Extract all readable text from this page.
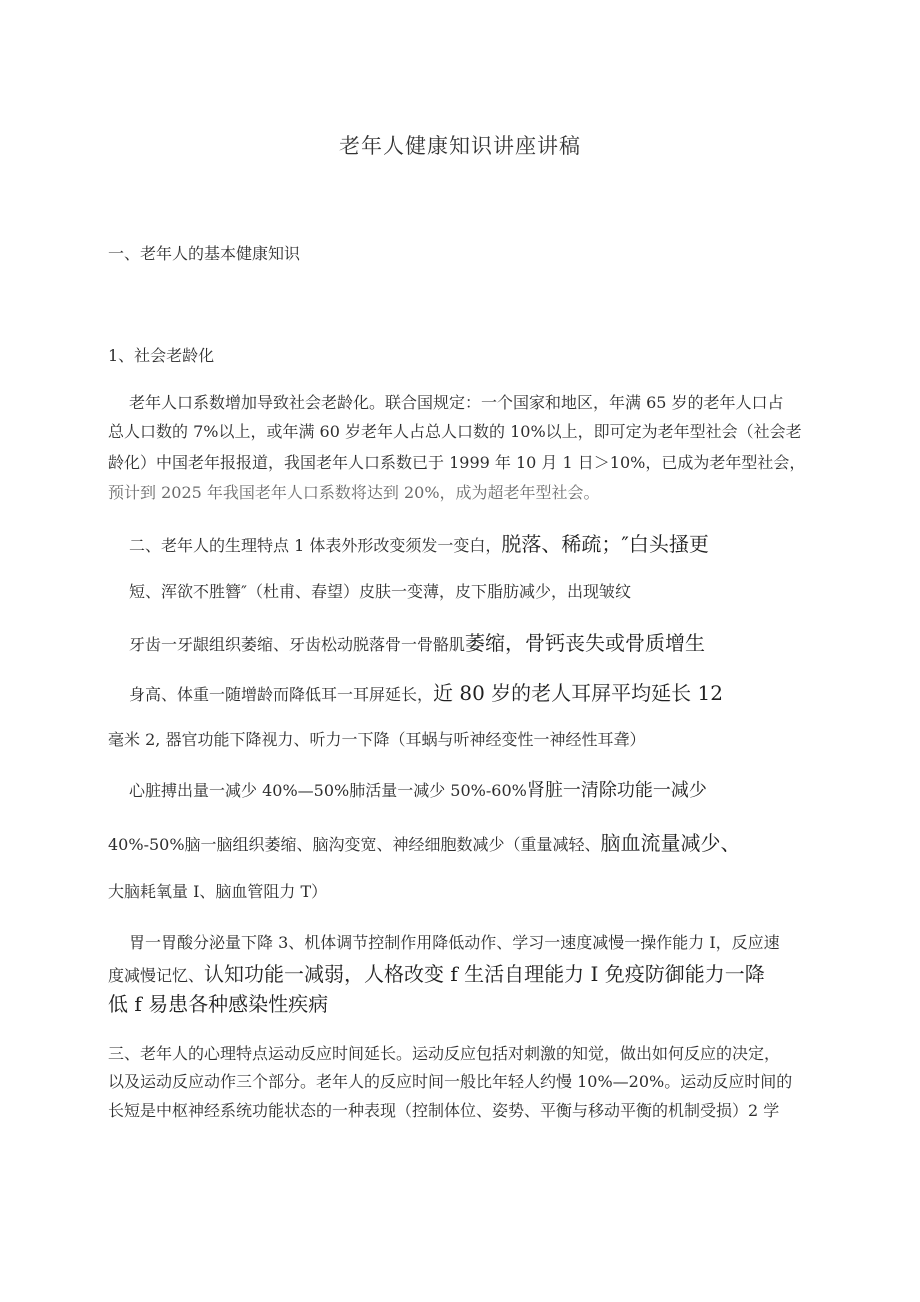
老年人健康知识讲座讲稿
一、老年人的基本健康知识
1、社会老龄化
老年人口系数增加导致社会老龄化。联合国规定：一个国家和地区，年满 65 岁的老年人口占
总人口数的 7%以上，或年满 60 岁老年人占总人口数的 10%以上，即可定为老年型社会（社会老
龄化）中国老年报报道，我国老年人口系数已于 1999 年 10 月 1 日＞10%，已成为老年型社会，
预计到 2025 年我国老年人口系数将达到 20%，成为超老年型社会。
二、老年人的生理特点 1 体表外形改变须发一变白，脱落、稀疏；″白头搔更
短、浑欲不胜簪″（杜甫、春望）皮肤一变薄，皮下脂肪减少，出现皱纹
牙齿一牙龈组织萎缩、牙齿松动脱落骨一骨骼肌萎缩，骨钙丧失或骨质增生
身高、体重一随增龄而降低耳一耳屏延长，近 80 岁的老人耳屏平均延长 12
毫米 2, 器官功能下降视力、听力一下降（耳蜗与听神经变性一神经性耳聋）
心脏搏出量一减少 40%—50%肺活量一减少 50%-60%肾脏一清除功能一减少
40%-50%脑一脑组织萎缩、脑沟变宽、神经细胞数减少（重量减轻、脑血流量减少、
大脑耗氧量 I、脑血管阻力 T）
胃一胃酸分泌量下降 3、机体调节控制作用降低动作、学习一速度减慢一操作能力 I，反应速
度减慢记忆、认知功能一减弱，人格改变 f 生活自理能力 I 免疫防御能力一降
低 f 易患各种感染性疾病
三、老年人的心理特点运动反应时间延长。运动反应包括对刺激的知觉，做出如何反应的决定，
以及运动反应动作三个部分。老年人的反应时间一般比年轻人约慢 10%—20%。运动反应时间的
长短是中枢神经系统功能状态的一种表现（控制体位、姿势、平衡与移动平衡的机制受损）2 学
